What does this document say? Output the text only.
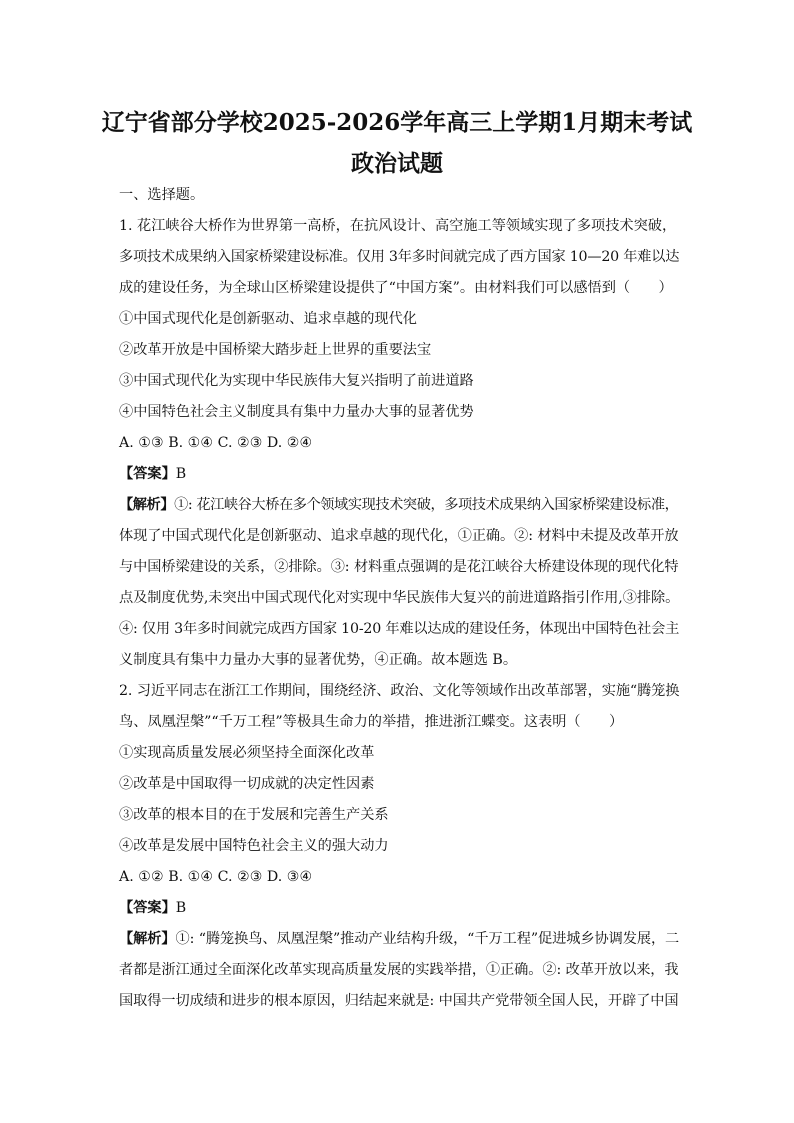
辽宁省部分学校2025-2026学年高三上学期1月期末考试
政治试题
一、选择题。
1. 花江峡谷大桥作为世界第一高桥，在抗风设计、高空施工等领域实现了多项技术突破，
多项技术成果纳入国家桥梁建设标准。仅用 3年多时间就完成了西方国家 10—20 年难以达
成的建设任务，为全球山区桥梁建设提供了“中国方案”。由材料我们可以感悟到（　　）
①中国式现代化是创新驱动、追求卓越的现代化
②改革开放是中国桥梁大踏步赶上世界的重要法宝
③中国式现代化为实现中华民族伟大复兴指明了前进道路
④中国特色社会主义制度具有集中力量办大事的显著优势
A. ①③ B. ①④ C. ②③ D. ②④
【答案】B
【解析】①: 花江峡谷大桥在多个领域实现技术突破，多项技术成果纳入国家桥梁建设标准，
体现了中国式现代化是创新驱动、追求卓越的现代化，①正确。②: 材料中未提及改革开放
与中国桥梁建设的关系，②排除。③: 材料重点强调的是花江峡谷大桥建设体现的现代化特
点及制度优势,未突出中国式现代化对实现中华民族伟大复兴的前进道路指引作用,③排除。
④: 仅用 3年多时间就完成西方国家 10-20 年难以达成的建设任务，体现出中国特色社会主
义制度具有集中力量办大事的显著优势，④正确。故本题选 B。
2. 习近平同志在浙江工作期间，围绕经济、政治、文化等领域作出改革部署，实施“腾笼换
鸟、凤凰涅槃”“千万工程”等极具生命力的举措，推进浙江蝶变。这表明（　　）
①实现高质量发展必须坚持全面深化改革
②改革是中国取得一切成就的决定性因素
③改革的根本目的在于发展和完善生产关系
④改革是发展中国特色社会主义的强大动力
A. ①② B. ①④ C. ②③ D. ③④
【答案】B
【解析】①: “腾笼换鸟、凤凰涅槃”推动产业结构升级，“千万工程”促进城乡协调发展，二
者都是浙江通过全面深化改革实现高质量发展的实践举措，①正确。②: 改革开放以来，我
国取得一切成绩和进步的根本原因，归结起来就是: 中国共产党带领全国人民，开辟了中国
